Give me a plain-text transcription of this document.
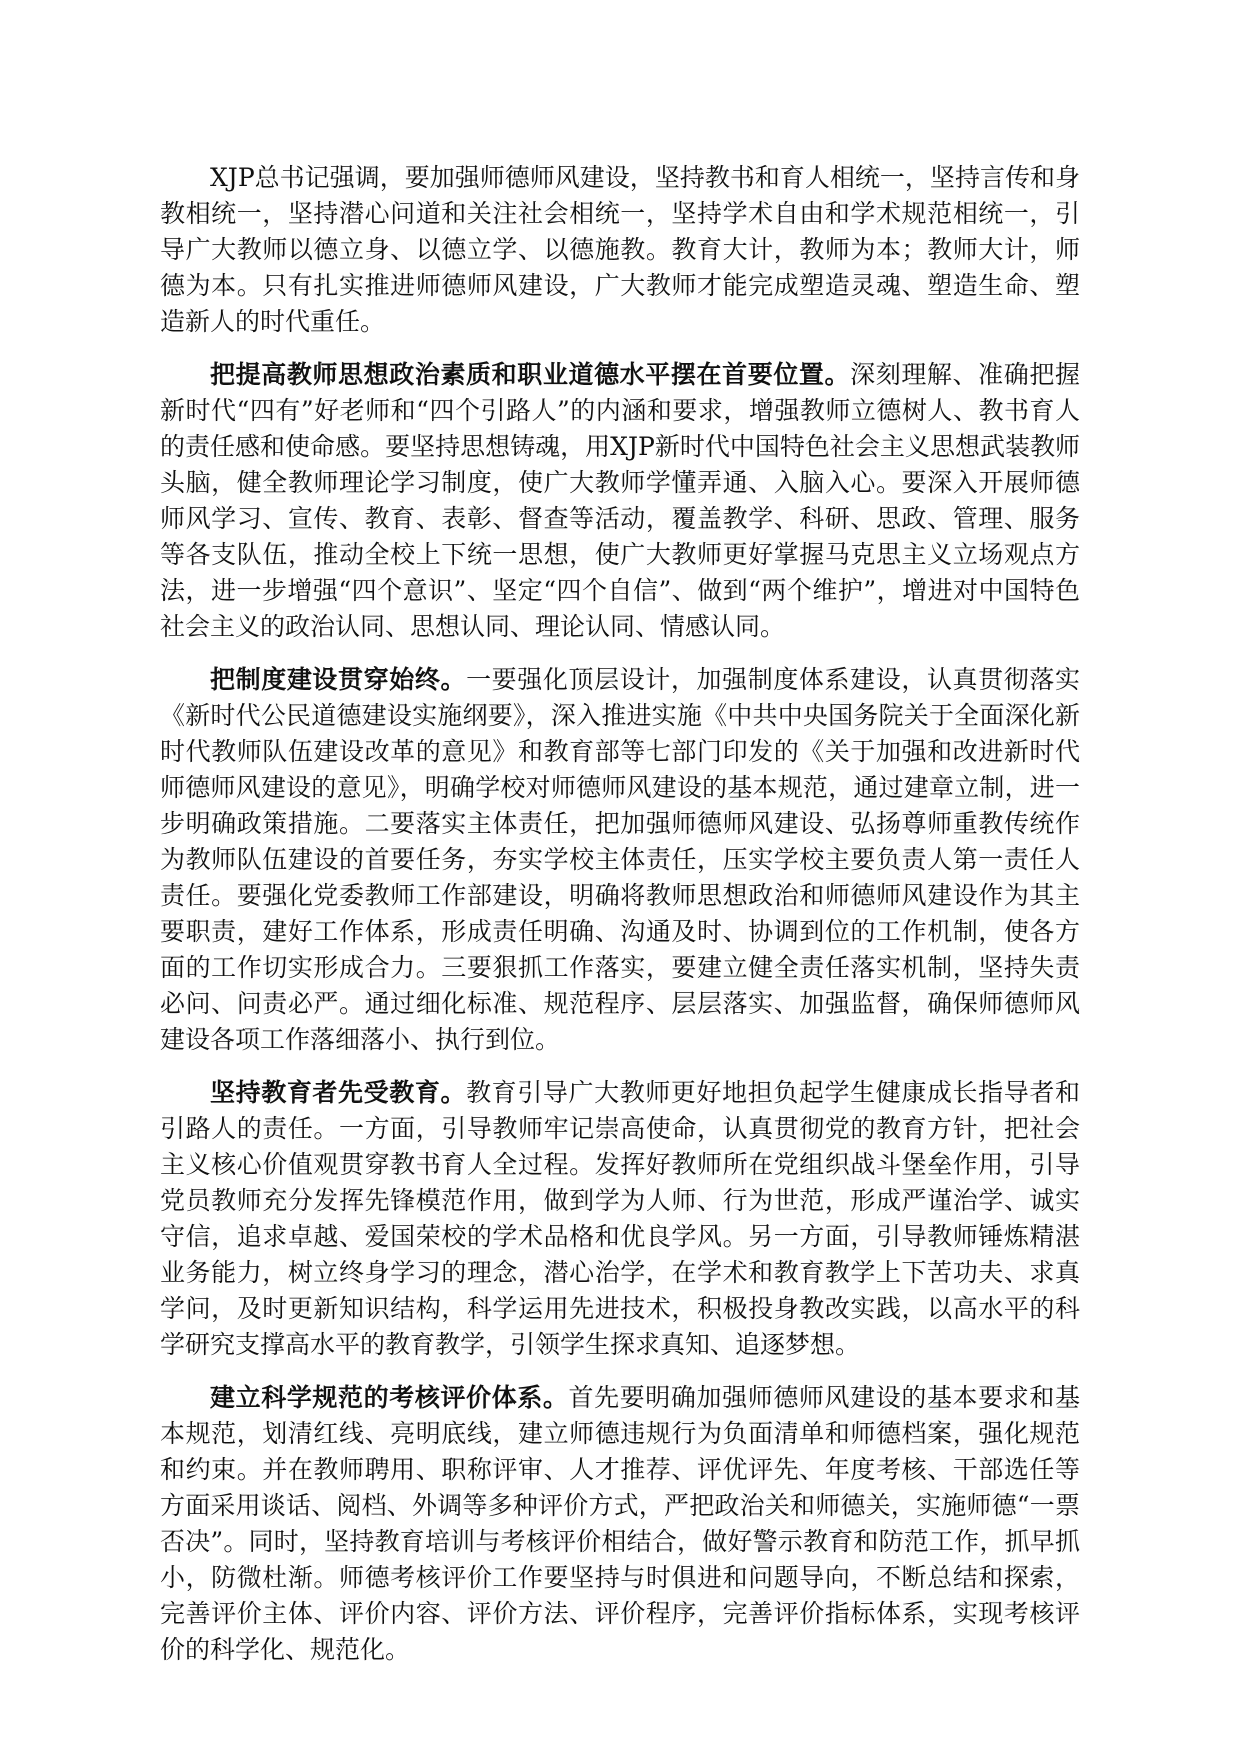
XJP总书记强调，要加强师德师风建设，坚持教书和育人相统一，坚持言传和身教相统一，坚持潜心问道和关注社会相统一，坚持学术自由和学术规范相统一，引导广大教师以德立身、以德立学、以德施教。教育大计，教师为本；教师大计，师德为本。只有扎实推进师德师风建设，广大教师才能完成塑造灵魂、塑造生命、塑造新人的时代重任。

把提高教师思想政治素质和职业道德水平摆在首要位置。深刻理解、准确把握新时代“四有”好老师和“四个引路人”的内涵和要求，增强教师立德树人、教书育人的责任感和使命感。要坚持思想铸魂，用XJP新时代中国特色社会主义思想武装教师头脑，健全教师理论学习制度，使广大教师学懂弄通、入脑入心。要深入开展师德师风学习、宣传、教育、表彰、督查等活动，覆盖教学、科研、思政、管理、服务等各支队伍，推动全校上下统一思想，使广大教师更好掌握马克思主义立场观点方法，进一步增强“四个意识”、坚定“四个自信”、做到“两个维护”，增进对中国特色社会主义的政治认同、思想认同、理论认同、情感认同。

把制度建设贯穿始终。一要强化顶层设计，加强制度体系建设，认真贯彻落实《新时代公民道德建设实施纲要》，深入推进实施《中共中央国务院关于全面深化新时代教师队伍建设改革的意见》和教育部等七部门印发的《关于加强和改进新时代师德师风建设的意见》，明确学校对师德师风建设的基本规范，通过建章立制，进一步明确政策措施。二要落实主体责任，把加强师德师风建设、弘扬尊师重教传统作为教师队伍建设的首要任务，夯实学校主体责任，压实学校主要负责人第一责任人责任。要强化党委教师工作部建设，明确将教师思想政治和师德师风建设作为其主要职责，建好工作体系，形成责任明确、沟通及时、协调到位的工作机制，使各方面的工作切实形成合力。三要狠抓工作落实，要建立健全责任落实机制，坚持失责必问、问责必严。通过细化标准、规范程序、层层落实、加强监督，确保师德师风建设各项工作落细落小、执行到位。

坚持教育者先受教育。教育引导广大教师更好地担负起学生健康成长指导者和引路人的责任。一方面，引导教师牢记崇高使命，认真贯彻党的教育方针，把社会主义核心价值观贯穿教书育人全过程。发挥好教师所在党组织战斗堡垒作用，引导党员教师充分发挥先锋模范作用，做到学为人师、行为世范，形成严谨治学、诚实守信，追求卓越、爱国荣校的学术品格和优良学风。另一方面，引导教师锤炼精湛业务能力，树立终身学习的理念，潜心治学，在学术和教育教学上下苦功夫、求真学问，及时更新知识结构，科学运用先进技术，积极投身教改实践，以高水平的科学研究支撑高水平的教育教学，引领学生探求真知、追逐梦想。

建立科学规范的考核评价体系。首先要明确加强师德师风建设的基本要求和基本规范，划清红线、亮明底线，建立师德违规行为负面清单和师德档案，强化规范和约束。并在教师聘用、职称评审、人才推荐、评优评先、年度考核、干部选任等方面采用谈话、阅档、外调等多种评价方式，严把政治关和师德关，实施师德“一票否决”。同时，坚持教育培训与考核评价相结合，做好警示教育和防范工作，抓早抓小，防微杜渐。师德考核评价工作要坚持与时俱进和问题导向，不断总结和探索，完善评价主体、评价内容、评价方法、评价程序，完善评价指标体系，实现考核评价的科学化、规范化。
